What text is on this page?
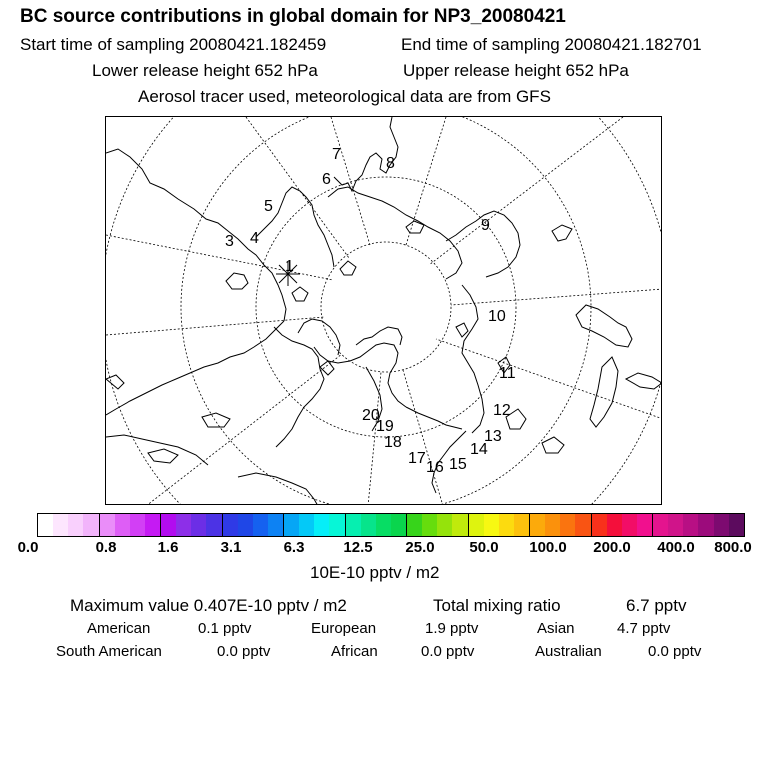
BC source contributions in global domain for NP3_20080421
Start time of sampling 20080421.182459	End time of sampling 20080421.182701
Lower release height 652 hPa	Upper release height 652 hPa
Aerosol tracer used, meteorological data are from GFS
1
3 4
5
6
7
8
9
10
11
12
13
14
15
16
17
18
19
20
0.0	0.8	1.6	3.1	6.3	12.5 25.0 50.0 100.0 200.0 400.0 800.0
10E-10 pptv / m2
Maximum value 0.407E-10 pptv / m2	Total mixing ratio	6.7 pptv
American	0.1 pptv	European	1.9 pptv	Asian	4.7 pptv
South American	0.0 pptv	African	0.0 pptv	Australian	0.0 pptv
